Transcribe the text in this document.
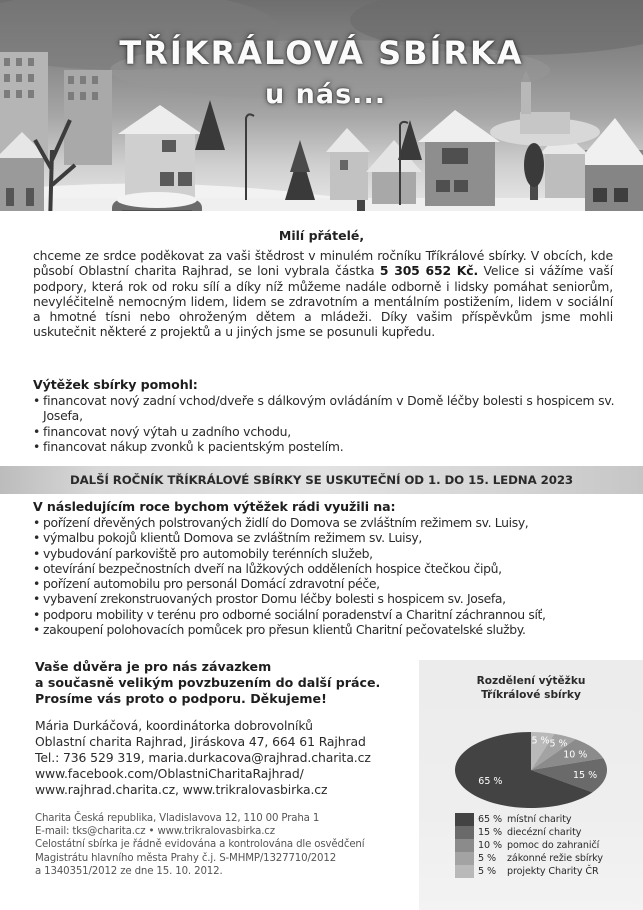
TŘÍKRÁLOVÁ SBÍRKA
u nás...
Milí přátelé,

chceme ze srdce poděkovat za vaši štědrost v minulém ročníku Tříkrálové sbírky. V obcích, kde působí Oblastní charita Rajhrad, se loni vybrala částka 5 305 652 Kč. Velice si vážíme vaší podpory, která rok od roku sílí a díky níž můžeme nadále odborně i lidsky pomáhat seniorům, nevyléčitelně nemocným lidem, lidem se zdravotním a mentálním postižením, lidem v sociální a hmotné tísni nebo ohroženým dětem a mládeži. Díky vašim příspěvkům jsme mohli uskutečnit některé z projektů a u jiných jsme se posunuli kupředu.

Výtěžek sbírky pomohl:
• financovat nový zadní vchod/dveře s dálkovým ovládáním v Domě léčby bolesti s hospicem sv. Josefa,
• financovat nový výtah u zadního vchodu,
• financovat nákup zvonků k pacientským postelím.
DALŠÍ ROČNÍK TŘÍKRÁLOVÉ SBÍRKY SE USKUTEČNÍ OD 1. DO 15. LEDNA 2023
V následujícím roce bychom výtěžek rádi využili na:
• pořízení dřevěných polstrovaných židlí do Domova se zvláštním režimem sv. Luisy,
• výmalbu pokojů klientů Domova se zvláštním režimem sv. Luisy,
• vybudování parkoviště pro automobily terénních služeb,
• otevírání bezpečnostních dveří na lůžkových odděleních hospice čtečkou čipů,
• pořízení automobilu pro personál Domácí zdravotní péče,
• vybavení zrekonstruovaných prostor Domu léčby bolesti s hospicem sv. Josefa,
• podporu mobility v terénu pro odborné sociální poradenství a Charitní záchrannou síť,
• zakoupení polohovacích pomůcek pro přesun klientů Charitní pečovatelské služby.
Vaše důvěra je pro nás závazkem
a současně velikým povzbuzením do další práce.
Prosíme vás proto o podporu. Děkujeme!
Mária Durkáčová, koordinátorka dobrovolníků
Oblastní charita Rajhrad, Jiráskova 47, 664 61 Rajhrad
Tel.: 736 529 319, maria.durkacova@rajhrad.charita.cz
www.facebook.com/OblastniCharitaRajhrad/
www.rajhrad.charita.cz, www.trikralovasbirka.cz
Charita Česká republika, Vladislavova 12, 110 00 Praha 1
E-mail: tks@charita.cz • www.trikralovasbirka.cz
Celostátní sbírka je řádně evidována a kontrolována dle osvědčení
Magistrátu hlavního města Prahy č.j. S-MHMP/1327710/2012
a 1340351/2012 ze dne 15. 10. 2012.
Rozdělení výtěžku
Tříkrálové sbírky
5 % 5 %
10 %
15 %
65 %
65 % místní charity
15 % diecézní charity
10 % pomoc do zahraničí
5 %	zákonné režie sbírky
5 %	projekty Charity ČR
